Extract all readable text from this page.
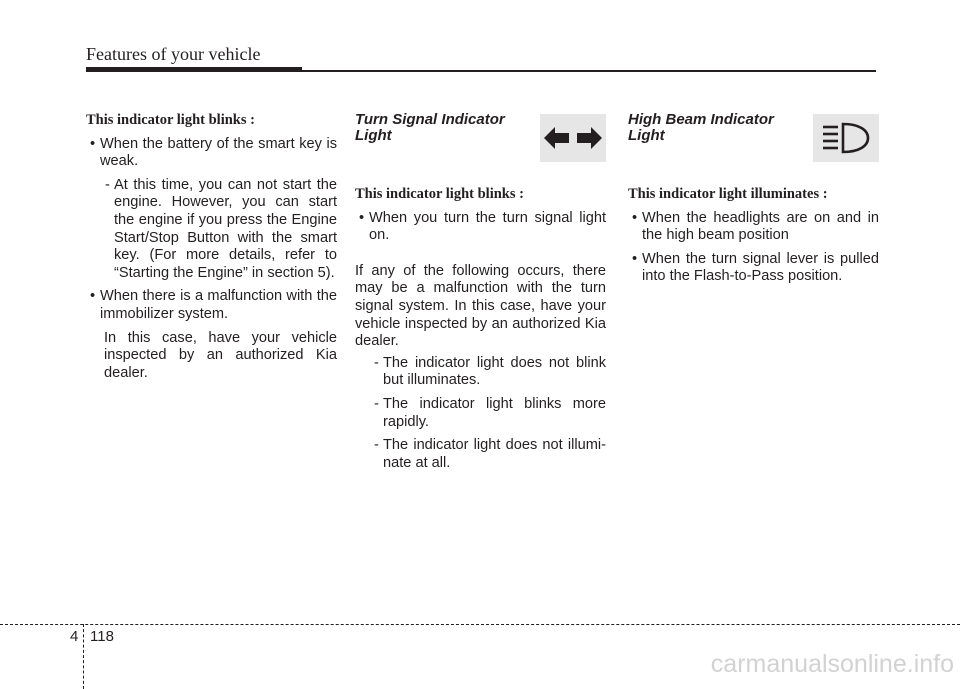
Features of your vehicle

This indicator light blinks :

• When the battery of the smart key is weak.

- At this time, you can not start the engine. However, you can start the engine if you press the Engine Start/Stop Button with the smart key. (For more details, refer to “Starting the Engine” in section 5).

• When there is a malfunction with the immobilizer system.

In this case, have your vehicle inspected by an authorized Kia dealer.

Turn Signal Indicator
Light

This indicator light blinks :

• When you turn the turn signal light on.

If any of the following occurs, there may be a malfunction with the turn signal system. In this case, have your vehicle inspected by an authorized Kia dealer.

- The indicator light does not blink but illuminates.

- The indicator light blinks more rapidly.

- The indicator light does not illumi-nate at all.

High Beam Indicator
Light

This indicator light illuminates :

• When the headlights are on and in the high beam position

• When the turn signal lever is pulled into the Flash-to-Pass position.

4 118
carmanualsonline.info
